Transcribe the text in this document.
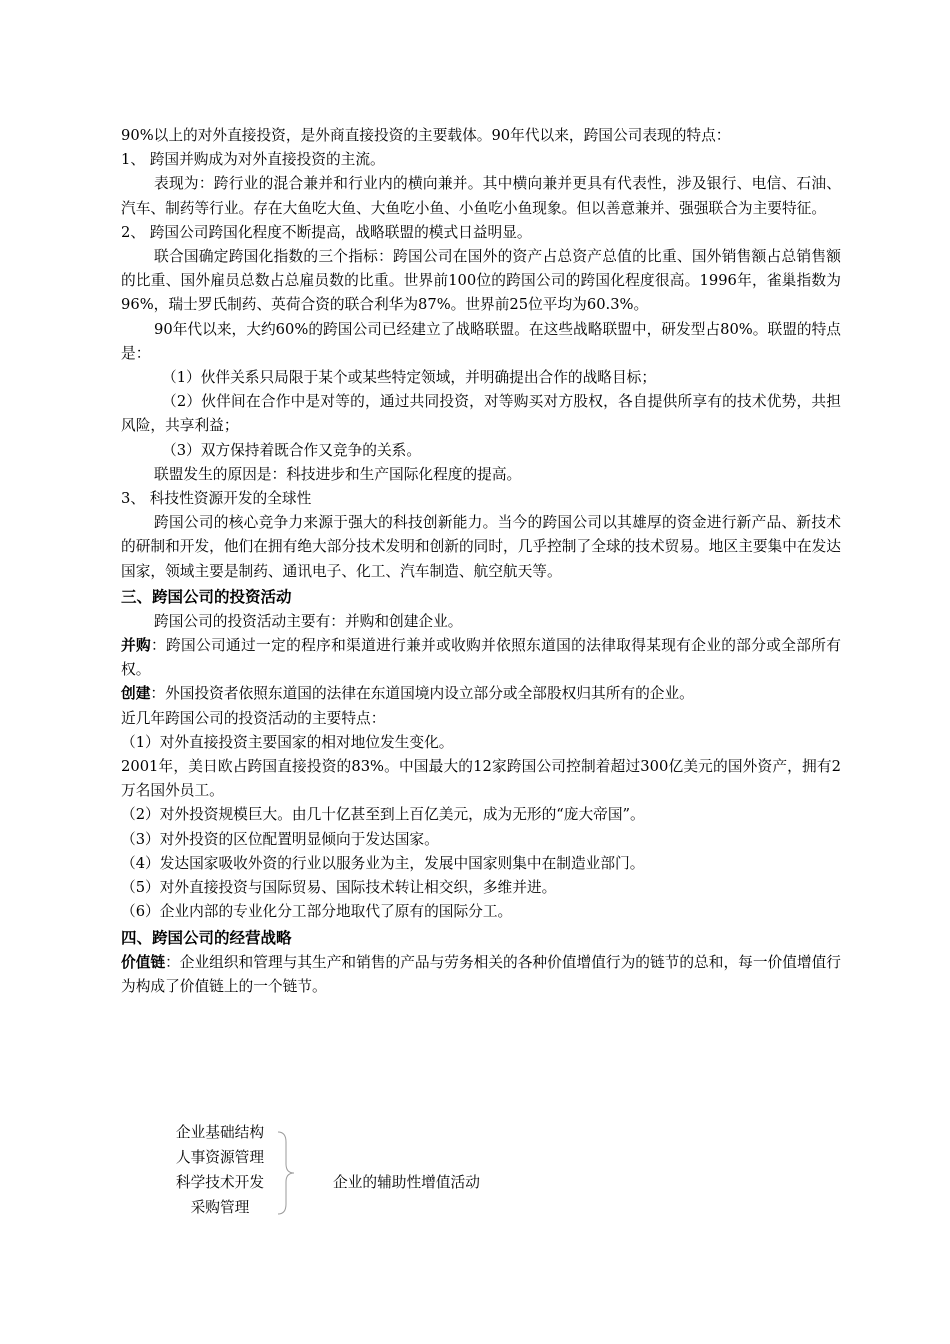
90%以上的对外直接投资，是外商直接投资的主要载体。90年代以来，跨国公司表现的特点：

1、 跨国并购成为对外直接投资的主流。

表现为：跨行业的混合兼并和行业内的横向兼并。其中横向兼并更具有代表性，涉及银行、电信、石油、汽车、制药等行业。存在大鱼吃大鱼、大鱼吃小鱼、小鱼吃小鱼现象。但以善意兼并、强强联合为主要特征。

2、 跨国公司跨国化程度不断提高，战略联盟的模式日益明显。

联合国确定跨国化指数的三个指标：跨国公司在国外的资产占总资产总值的比重、国外销售额占总销售额的比重、国外雇员总数占总雇员数的比重。世界前100位的跨国公司的跨国化程度很高。1996年，雀巢指数为96%，瑞士罗氏制药、英荷合资的联合利华为87%。世界前25位平均为60.3%。

90年代以来，大约60%的跨国公司已经建立了战略联盟。在这些战略联盟中，研发型占80%。联盟的特点是：

（1）伙伴关系只局限于某个或某些特定领域，并明确提出合作的战略目标；

（2）伙伴间在合作中是对等的，通过共同投资，对等购买对方股权，各自提供所享有的技术优势，共担风险，共享利益；

（3）双方保持着既合作又竞争的关系。

联盟发生的原因是：科技进步和生产国际化程度的提高。

3、 科技性资源开发的全球性

跨国公司的核心竞争力来源于强大的科技创新能力。当今的跨国公司以其雄厚的资金进行新产品、新技术的研制和开发，他们在拥有绝大部分技术发明和创新的同时，几乎控制了全球的技术贸易。地区主要集中在发达国家，领域主要是制药、通讯电子、化工、汽车制造、航空航天等。

三、跨国公司的投资活动

跨国公司的投资活动主要有：并购和创建企业。

并购：跨国公司通过一定的程序和渠道进行兼并或收购并依照东道国的法律取得某现有企业的部分或全部所有权。

创建：外国投资者依照东道国的法律在东道国境内设立部分或全部股权归其所有的企业。

近几年跨国公司的投资活动的主要特点：

（1）对外直接投资主要国家的相对地位发生变化。

2001年，美日欧占跨国直接投资的83%。中国最大的12家跨国公司控制着超过300亿美元的国外资产，拥有2万名国外员工。

（2）对外投资规模巨大。由几十亿甚至到上百亿美元，成为无形的“庞大帝国”。

（3）对外投资的区位配置明显倾向于发达国家。

（4）发达国家吸收外资的行业以服务业为主，发展中国家则集中在制造业部门。

（5）对外直接投资与国际贸易、国际技术转让相交织，多维并进。

（6）企业内部的专业化分工部分地取代了原有的国际分工。

四、跨国公司的经营战略

价值链：企业组织和管理与其生产和销售的产品与劳务相关的各种价值增值行为的链节的总和，每一价值增值行为构成了价值链上的一个链节。

企业基础结构
人事资源管理
科学技术开发
采购管理
企业的辅助性增值活动
